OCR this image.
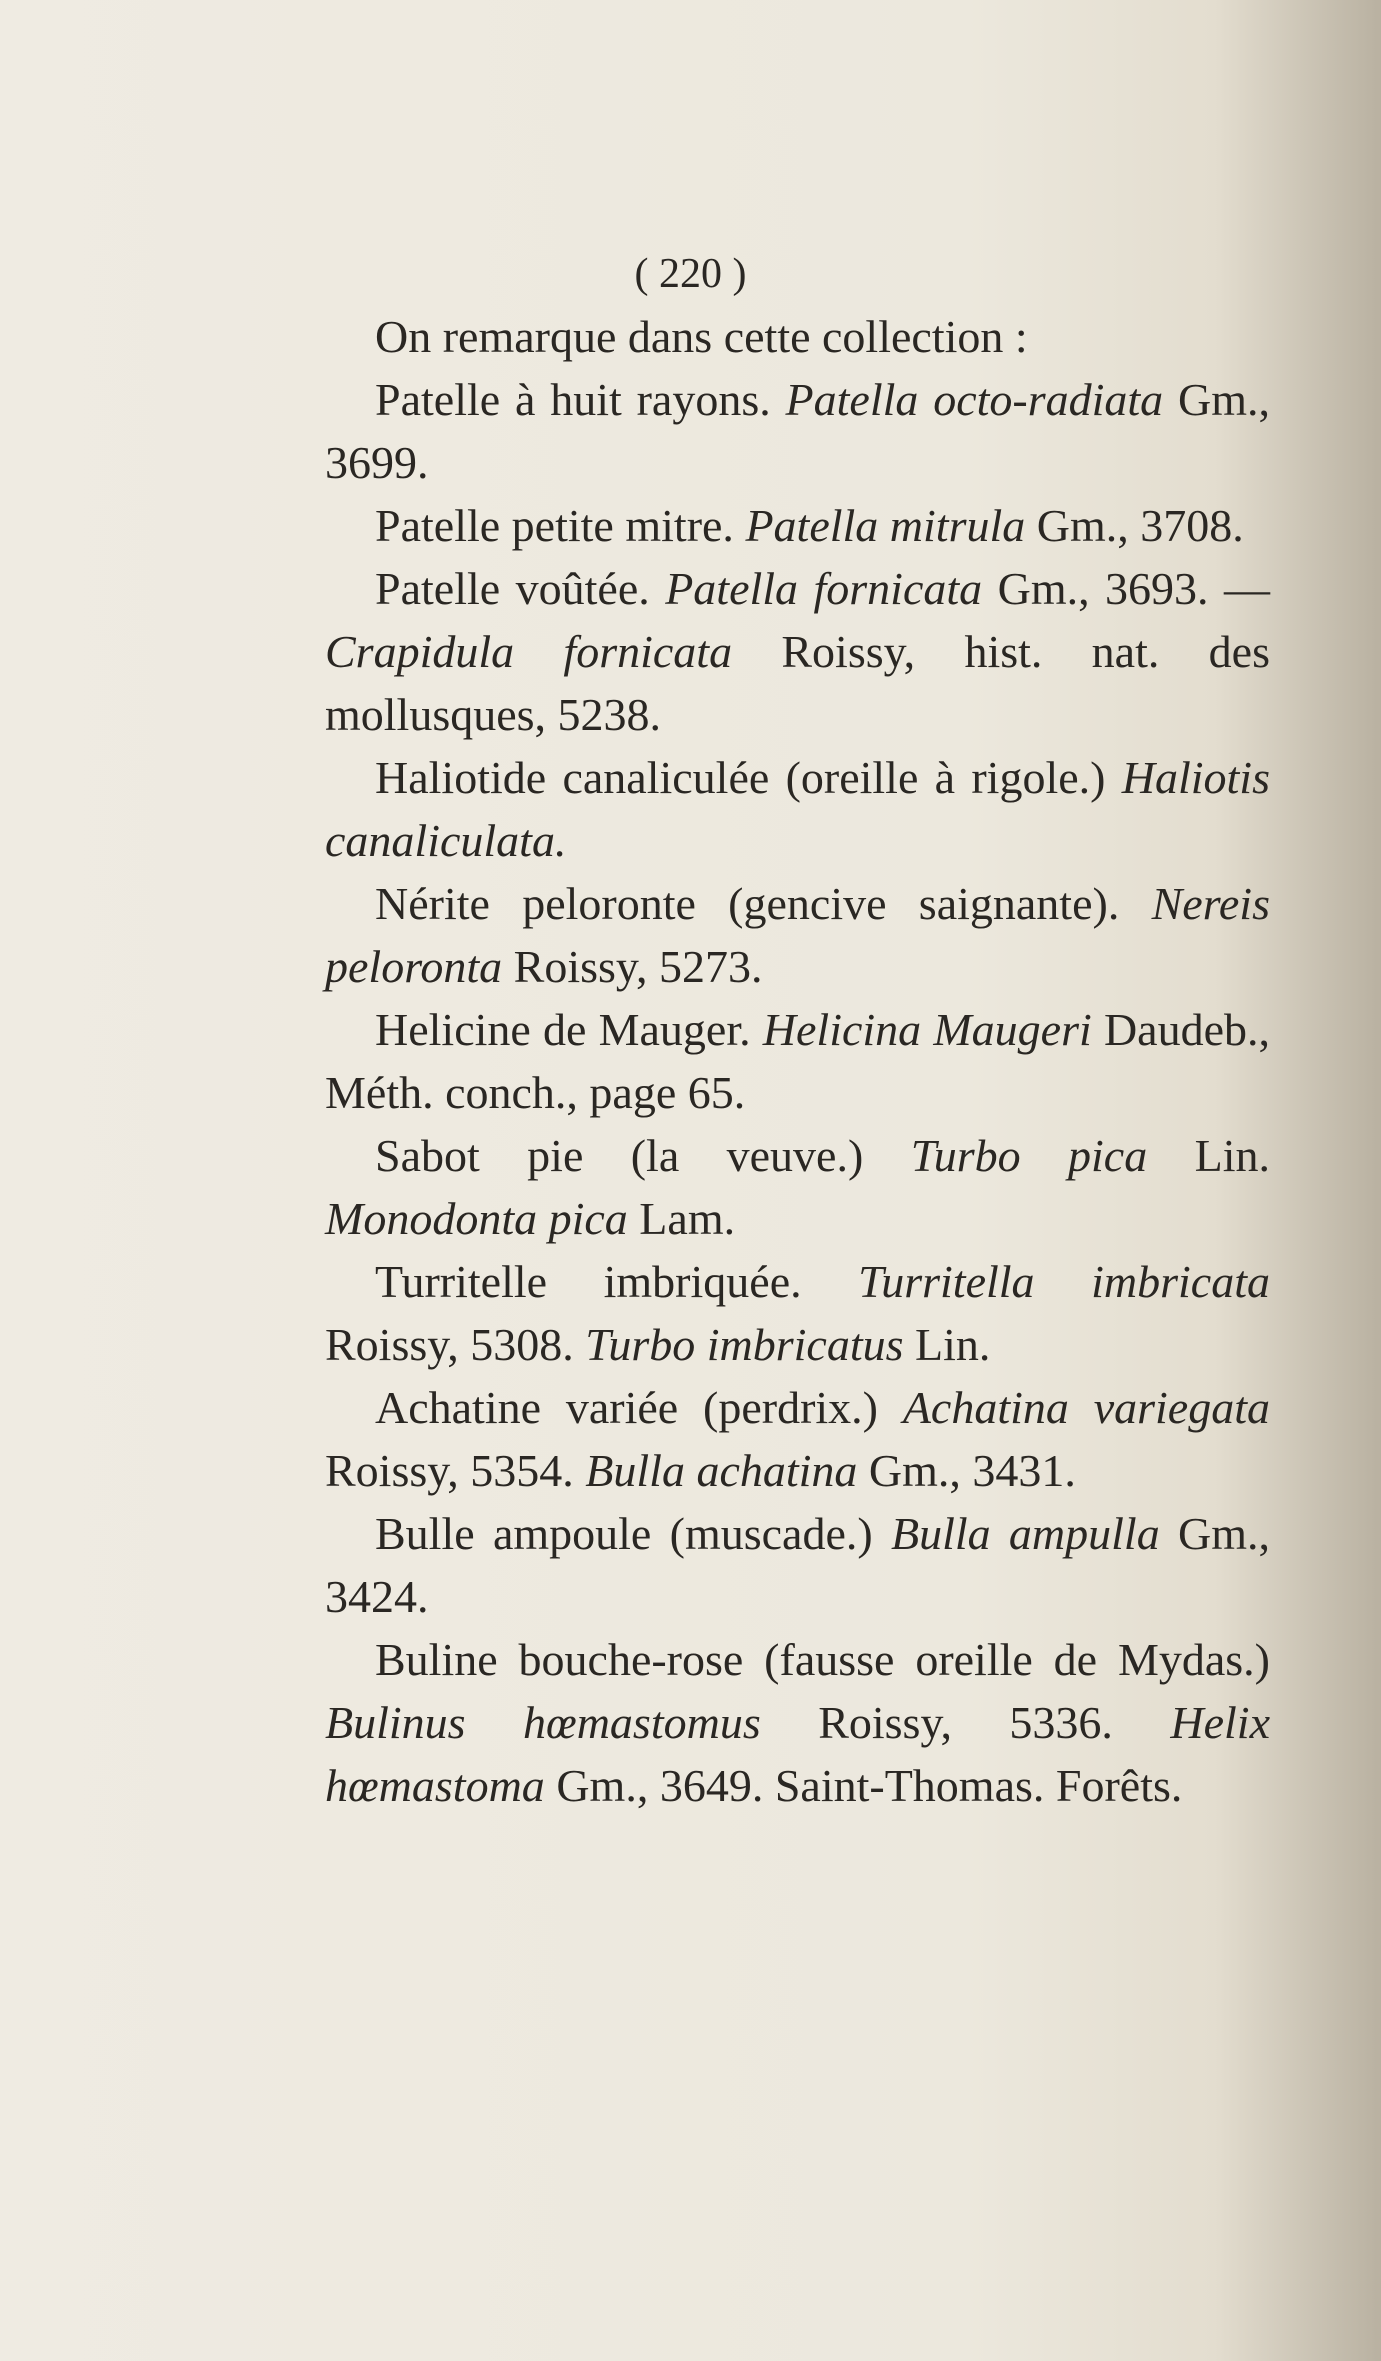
( 220 )

On remarque dans cette collection :

Patelle à huit rayons. Patella octo-radiata Gm., 3699.

Patelle petite mitre. Patella mitrula Gm., 3708.

Patelle voûtée. Patella fornicata Gm., 3693. — Crapidula fornicata Roissy, hist. nat. des mollusques, 5238.

Haliotide canaliculée (oreille à rigole.) Haliotis canaliculata.

Nérite peloronte (gencive saignante). Nereis peloronta Roissy, 5273.

Helicine de Mauger. Helicina Maugeri Daudeb., Méth. conch., page 65.

Sabot pie (la veuve.) Turbo pica Lin. Monodonta pica Lam.

Turritelle imbriquée. Turritella imbricata Roissy, 5308. Turbo imbricatus Lin.

Achatine variée (perdrix.) Achatina variegata Roissy, 5354. Bulla achatina Gm., 3431.

Bulle ampoule (muscade.) Bulla ampulla Gm., 3424.

Buline bouche-rose (fausse oreille de Mydas.) Bulinus hœmastomus Roissy, 5336. Helix hœmastoma Gm., 3649. Saint-Thomas. Forêts.
